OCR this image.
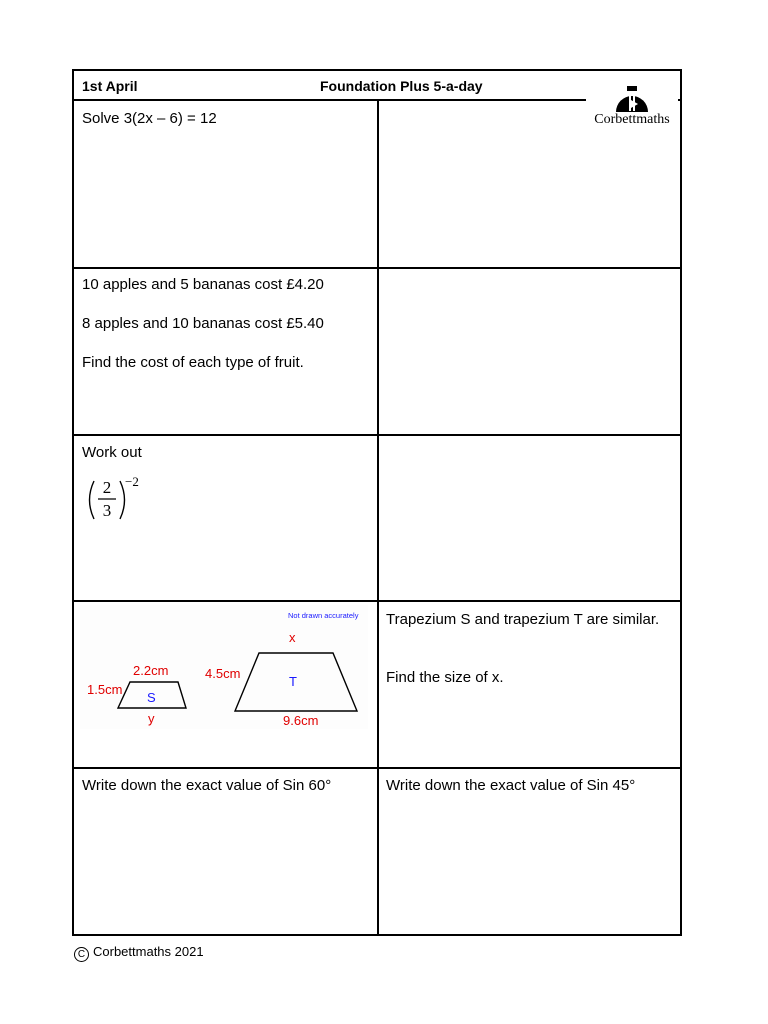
1st April	Foundation Plus 5-a-day
Solve 3(2x – 6) = 12
10 apples and 5 bananas cost £4.20
8 apples and 10 bananas cost £5.40
Find the cost of each type of fruit.
Work out
2
3
−2
Not drawn accurately
2.2cm
1.5cm
S
y
x
4.5cm
T
9.6cm
Trapezium S and trapezium T are similar.
Find the size of x.
Write down the exact value of Sin 60°	Write down the exact value of Sin 45°
Corbettmaths
C Corbettmaths 2021
